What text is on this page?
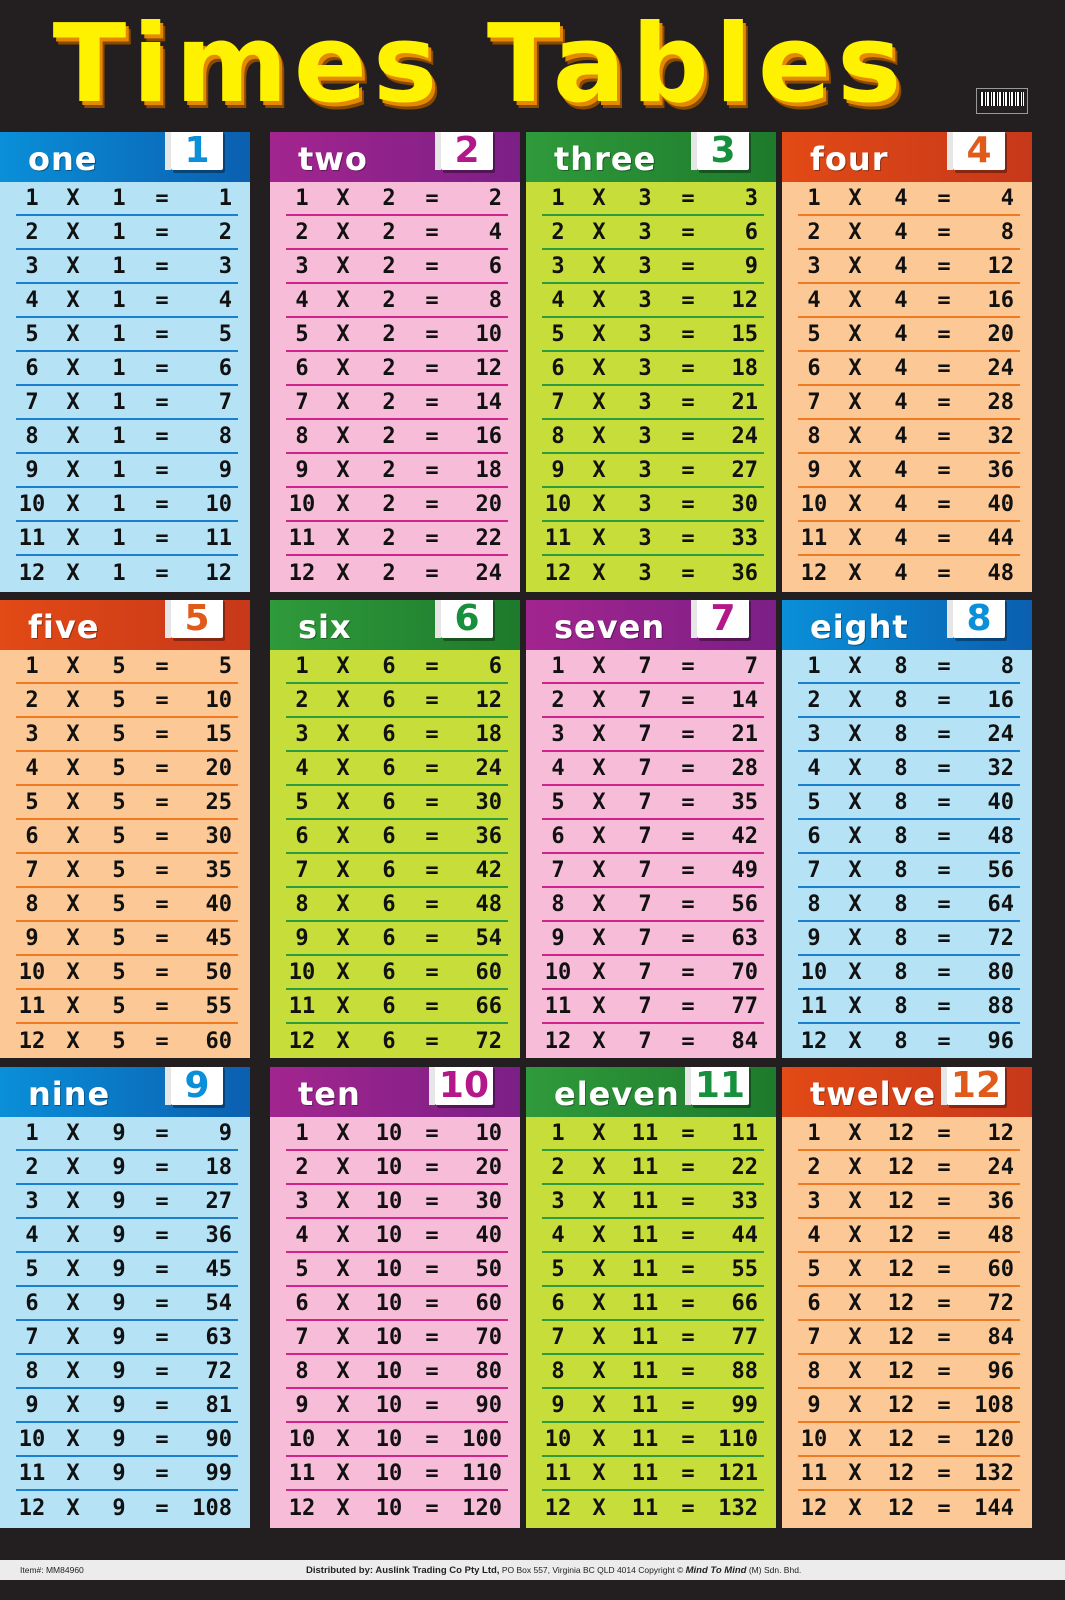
Times Tables
one	1
1	X	1	=	1
2	X	1	=	2
3	X	1	=	3
4	X	1	=	4
5	X	1	=	5
6	X	1	=	6
7	X	1	=	7
8	X	1	=	8
9	X	1	=	9
10 X	1	=	10
11 X	1	=	11
12 X	1	=	12
two	2
1	X	2	=	2
2	X	2	=	4
3	X	2	=	6
4	X	2	=	8
5	X	2	=	10
6	X	2	=	12
7	X	2	=	14
8	X	2	=	16
9	X	2	=	18
10 X	2	=	20
11 X	2	=	22
12 X	2	=	24
three	3
1	X	3	=	3
2	X	3	=	6
3	X	3	=	9
4	X	3	=	12
5	X	3	=	15
6	X	3	=	18
7	X	3	=	21
8	X	3	=	24
9	X	3	=	27
10 X	3	=	30
11 X	3	=	33
12 X	3	=	36
four	4
1	X	4	=	4
2	X	4	=	8
3	X	4	=	12
4	X	4	=	16
5	X	4	=	20
6	X	4	=	24
7	X	4	=	28
8	X	4	=	32
9	X	4	=	36
10 X	4	=	40
11 X	4	=	44
12 X	4	=	48
five	5
1	X	5	=	5
2	X	5	=	10
3	X	5	=	15
4	X	5	=	20
5	X	5	=	25
6	X	5	=	30
7	X	5	=	35
8	X	5	=	40
9	X	5	=	45
10 X	5	=	50
11 X	5	=	55
12 X	5	=	60
six	6
1	X	6	=	6
2	X	6	=	12
3	X	6	=	18
4	X	6	=	24
5	X	6	=	30
6	X	6	=	36
7	X	6	=	42
8	X	6	=	48
9	X	6	=	54
10 X	6	=	60
11 X	6	=	66
12 X	6	=	72
seven	7
1	X	7	=	7
2	X	7	=	14
3	X	7	=	21
4	X	7	=	28
5	X	7	=	35
6	X	7	=	42
7	X	7	=	49
8	X	7	=	56
9	X	7	=	63
10 X	7	=	70
11 X	7	=	77
12 X	7	=	84
eight	8
1	X	8	=	8
2	X	8	=	16
3	X	8	=	24
4	X	8	=	32
5	X	8	=	40
6	X	8	=	48
7	X	8	=	56
8	X	8	=	64
9	X	8	=	72
10 X	8	=	80
11 X	8	=	88
12 X	8	=	96
nine	9
1	X	9	=	9
2	X	9	=	18
3	X	9	=	27
4	X	9	=	36
5	X	9	=	45
6	X	9	=	54
7	X	9	=	63
8	X	9	=	72
9	X	9	=	81
10 X	9	=	90
11 X	9	=	99
12 X	9	=	108
ten 10
1	X	10	=	10
2	X	10	=	20
3	X	10	=	30
4	X	10	=	40
5	X	10	=	50
6	X	10	=	60
7	X	10	=	70
8	X	10	=	80
9	X	10	=	90
10 X	10	=	100
11 X	10	=	110
12 X	10	=	120
eleven 11
1	X	11	=	11
2	X	11	=	22
3	X	11	=	33
4	X	11	=	44
5	X	11	=	55
6	X	11	=	66
7	X	11	=	77
8	X	11	=	88
9	X	11	=	99
10 X	11	=	110
11 X	11	=	121
12 X	11	=	132
twelve 12
1	X	12	=	12
2	X	12	=	24
3	X	12	=	36
4	X	12	=	48
5	X	12	=	60
6	X	12	=	72
7	X	12	=	84
8	X	12	=	96
9	X	12	=	108
10 X	12	=	120
11 X	12	=	132
12 X	12	=	144
Item#: MM84960	Distributed by: Auslink Trading Co Pty Ltd, PO Box 557, Virginia BC QLD 4014 Copyright © Mind To Mind (M) Sdn. Bhd.
